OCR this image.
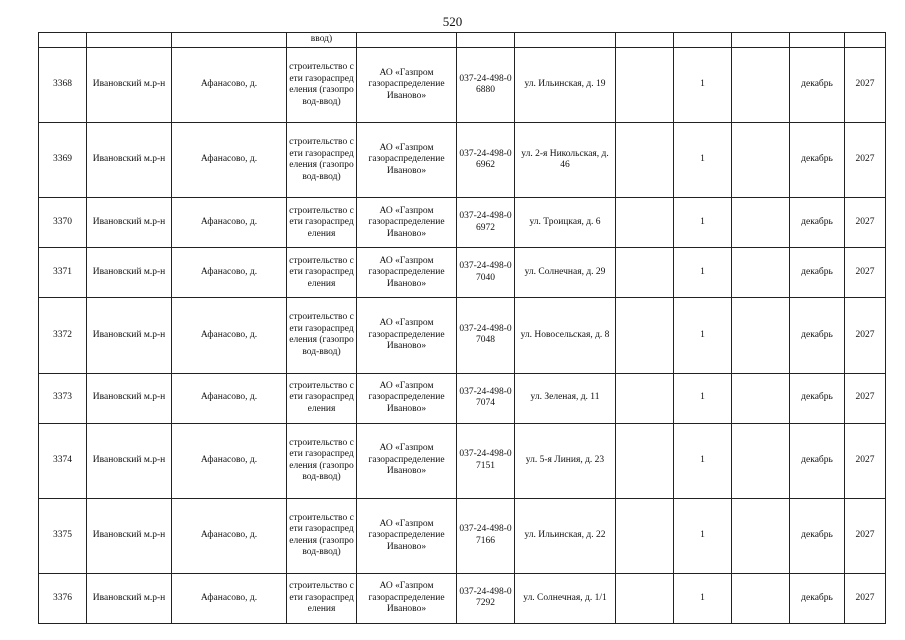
520
			ввод)								
3368	Ивановский м.р-н	Афанасово, д.	строительство сети газораспределения (газопровод-ввод)	АО «Газпром газораспределение Иваново»	037-24-498-06880	ул. Ильинская, д. 19		1		декабрь	2027
3369	Ивановский м.р-н	Афанасово, д.	строительство сети газораспределения (газопровод-ввод)	АО «Газпром газораспределение Иваново»	037-24-498-06962	ул. 2-я Никольская, д. 46		1		декабрь	2027
3370	Ивановский м.р-н	Афанасово, д.	строительство сети газораспределения	АО «Газпром газораспределение Иваново»	037-24-498-06972	ул. Троицкая, д. 6		1		декабрь	2027
3371	Ивановский м.р-н	Афанасово, д.	строительство сети газораспределения	АО «Газпром газораспределение Иваново»	037-24-498-07040	ул. Солнечная, д. 29		1		декабрь	2027
3372	Ивановский м.р-н	Афанасово, д.	строительство сети газораспределения (газопровод-ввод)	АО «Газпром газораспределение Иваново»	037-24-498-07048	ул. Новосельская, д. 8		1		декабрь	2027
3373	Ивановский м.р-н	Афанасово, д.	строительство сети газораспределения	АО «Газпром газораспределение Иваново»	037-24-498-07074	ул. Зеленая, д. 11		1		декабрь	2027
3374	Ивановский м.р-н	Афанасово, д.	строительство сети газораспределения (газопровод-ввод)	АО «Газпром газораспределение Иваново»	037-24-498-07151	ул. 5-я Линия, д. 23		1		декабрь	2027
3375	Ивановский м.р-н	Афанасово, д.	строительство сети газораспределения (газопровод-ввод)	АО «Газпром газораспределение Иваново»	037-24-498-07166	ул. Ильинская, д. 22		1		декабрь	2027
3376	Ивановский м.р-н	Афанасово, д.	строительство сети газораспределения	АО «Газпром газораспределение Иваново»	037-24-498-07292	ул. Солнечная, д. 1/1		1		декабрь	2027
